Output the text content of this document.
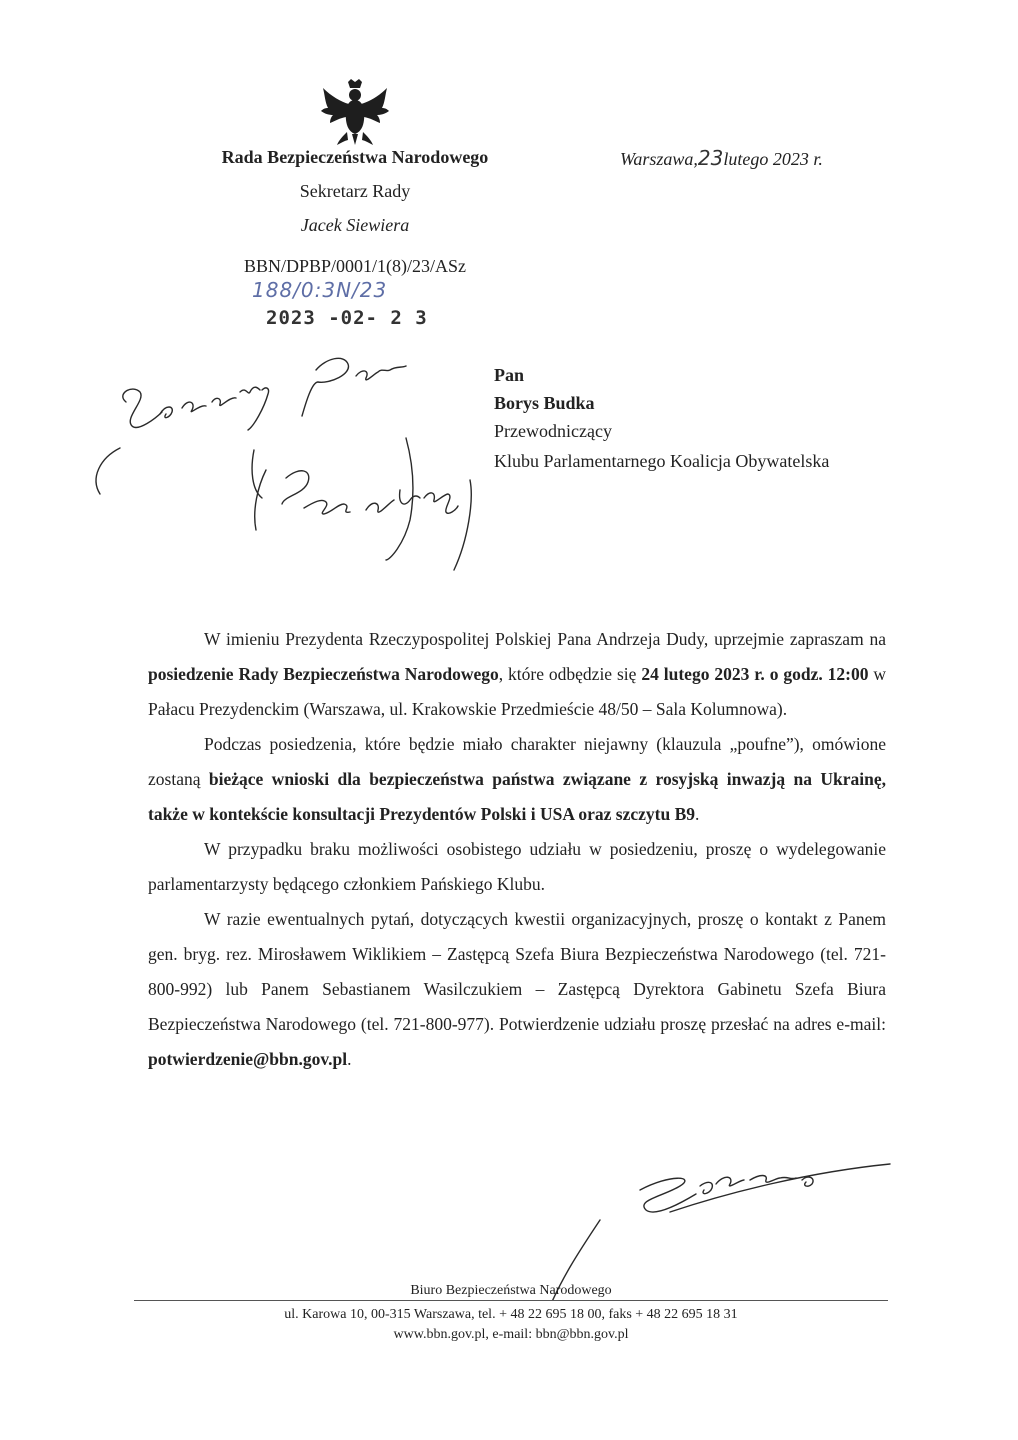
Rada Bezpieczeństwa Narodowego
Sekretarz Rady
Jacek Siewiera
BBN/DPBP/0001/1(8)/23/ASz
Warszawa,23lutego 2023 r.
188/0:3N/23
2023 -02- 2 3
Pan
Borys Budka
Przewodniczący
Klubu Parlamentarnego Koalicja Obywatelska

W imieniu Prezydenta Rzeczypospolitej Polskiej Pana Andrzeja Dudy, uprzejmie zapraszam na posiedzenie Rady Bezpieczeństwa Narodowego, które odbędzie się 24 lutego 2023 r. o godz. 12:00 w Pałacu Prezydenckim (Warszawa, ul. Krakowskie Przedmieście 48/50 – Sala Kolumnowa).

Podczas posiedzenia, które będzie miało charakter niejawny (klauzula „poufne”), omówione zostaną bieżące wnioski dla bezpieczeństwa państwa związane z rosyjską inwazją na Ukrainę, także w kontekście konsultacji Prezydentów Polski i USA oraz szczytu B9.

W przypadku braku możliwości osobistego udziału w posiedzeniu, proszę o wydelegowanie parlamentarzysty będącego członkiem Pańskiego Klubu.

W razie ewentualnych pytań, dotyczących kwestii organizacyjnych, proszę o kontakt z Panem gen. bryg. rez. Mirosławem Wiklikiem – Zastępcą Szefa Biura Bezpieczeństwa Narodowego (tel. 721-800-992) lub Panem Sebastianem Wasilczukiem – Zastępcą Dyrektora Gabinetu Szefa Biura Bezpieczeństwa Narodowego (tel. 721-800-977). Potwierdzenie udziału proszę przesłać na adres e-mail: potwierdzenie@bbn.gov.pl.

Biuro Bezpieczeństwa Narodowego
ul. Karowa 10, 00-315 Warszawa, tel. + 48 22 695 18 00, faks + 48 22 695 18 31
www.bbn.gov.pl, e-mail: bbn@bbn.gov.pl
